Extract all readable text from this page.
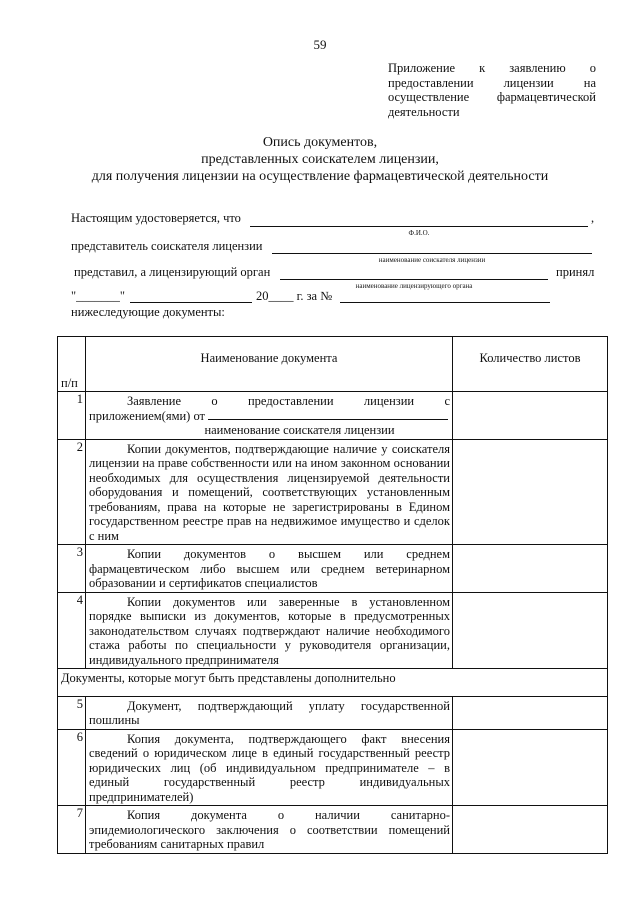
59
Приложение к заявлению о
предоставлении лицензии на
осуществление фармацевтической
деятельности
Опись документов,
представленных соискателем лицензии,
для получения лицензии на осуществление фармацевтической деятельности
Настоящим удостоверяется, что	,
Ф.И.О.
представитель соискателя лицензии
наименование соискателя лицензии
представил, а лицензирующий орган	принял
наименование лицензирующего органа
"_______"	20____ г. за №
нижеследующие документы:
п/п	Наименование документа	Количество листов
1	Заявление о предоставлении лицензии с
приложением(ями) от
наименование соискателя лицензии	

2	Копии документов, подтверждающие наличие у соискателя лицензии на праве собственности или на ином законном основании необходимых для осуществления лицензируемой деятельности оборудования и помещений, соответствующих установленным требованиям, права на которые не зарегистрированы в Едином государственном реестре прав на недвижимое имущество и сделок с ним	
3	Копии документов о высшем или среднем фармацевтическом либо высшем или среднем ветеринарном образовании и сертификатов специалистов	
4	Копии документов или заверенные в установленном порядке выписки из документов, которые в предусмотренных законодательством случаях подтверждают наличие необходимого стажа работы по специальности у руководителя организации, индивидуального предпринимателя	
Документы, которые могут быть представлены дополнительно		
5	Документ, подтверждающий уплату государственной пошлины	
6	Копия документа, подтверждающего факт внесения сведений о юридическом лице в единый государственный реестр юридических лиц (об индивидуальном предпринимателе – в единый государственный реестр индивидуальных предпринимателей)	
7	Копия документа о наличии санитарно-эпидемиологического заключения о соответствии помещений требованиям санитарных правил	
